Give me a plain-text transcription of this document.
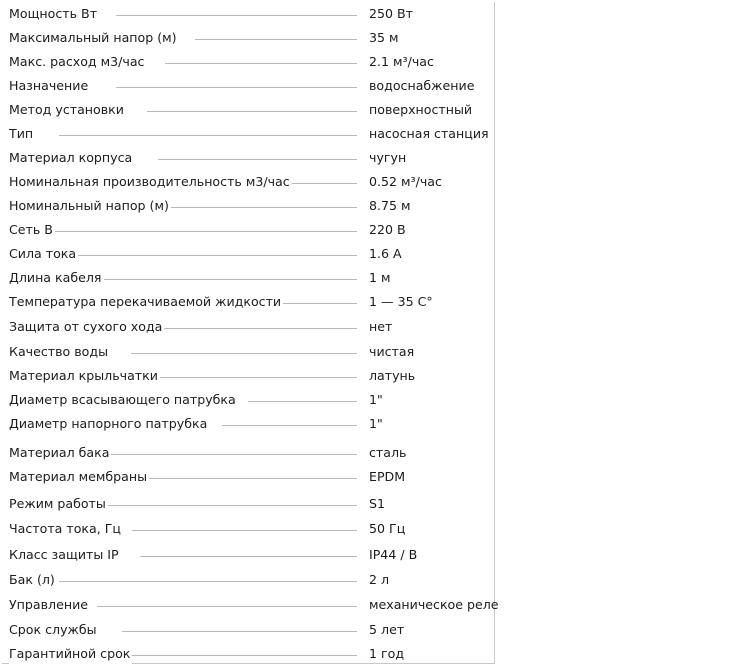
Мощность Вт	250 Вт
Максимальный напор (м)	35 м
Макс. расход м3/час	2.1 м³/час
Назначение	водоснабжение
Метод установки	поверхностный
Тип	насосная станция
Материал корпуса	чугун
Номинальная производительность м3/час	0.52 м³/час
Номинальный напор (м)	8.75 м
Сеть В	220 В
Сила тока	1.6 А
Длина кабеля	1 м
Температура перекачиваемой жидкости	1 — 35 C°
Защита от сухого хода	нет
Качество воды	чистая
Материал крыльчатки	латунь
Диаметр всасывающего патрубка	1"
Диаметр напорного патрубка	1"
Материал бака	сталь
Материал мембраны	EPDM
Режим работы	S1
Частота тока, Гц	50 Гц
Класс защиты IP	IP44 / B
Бак (л)	2 л
Управление	механическое реле
Срок службы	5 лет
Гарантийной срок	1 год
